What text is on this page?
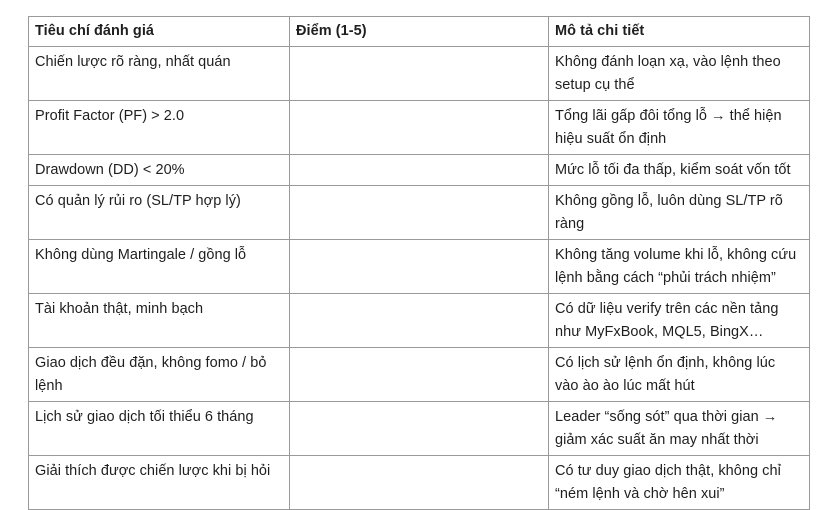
Tiêu chí đánh giá	Điểm (1-5)	Mô tả chi tiết
Chiến lược rõ ràng, nhất quán		Không đánh loạn xạ, vào lệnh theo setup cụ thể
Profit Factor (PF) > 2.0		Tổng lãi gấp đôi tổng lỗ → thể hiện hiệu suất ổn định
Drawdown (DD) < 20%		Mức lỗ tối đa thấp, kiểm soát vốn tốt
Có quản lý rủi ro (SL/TP hợp lý)		Không gồng lỗ, luôn dùng SL/TP rõ ràng
Không dùng Martingale / gồng lỗ		Không tăng volume khi lỗ, không cứu lệnh bằng cách “phủi trách nhiệm”
Tài khoản thật, minh bạch		Có dữ liệu verify trên các nền tảng như MyFxBook, MQL5, BingX…
Giao dịch đều đặn, không fomo / bỏ lệnh		Có lịch sử lệnh ổn định, không lúc vào ào ào lúc mất hút
Lịch sử giao dịch tối thiểu 6 tháng		Leader “sống sót” qua thời gian → giảm xác suất ăn may nhất thời
Giải thích được chiến lược khi bị hỏi		Có tư duy giao dịch thật, không chỉ “ném lệnh và chờ hên xui”
